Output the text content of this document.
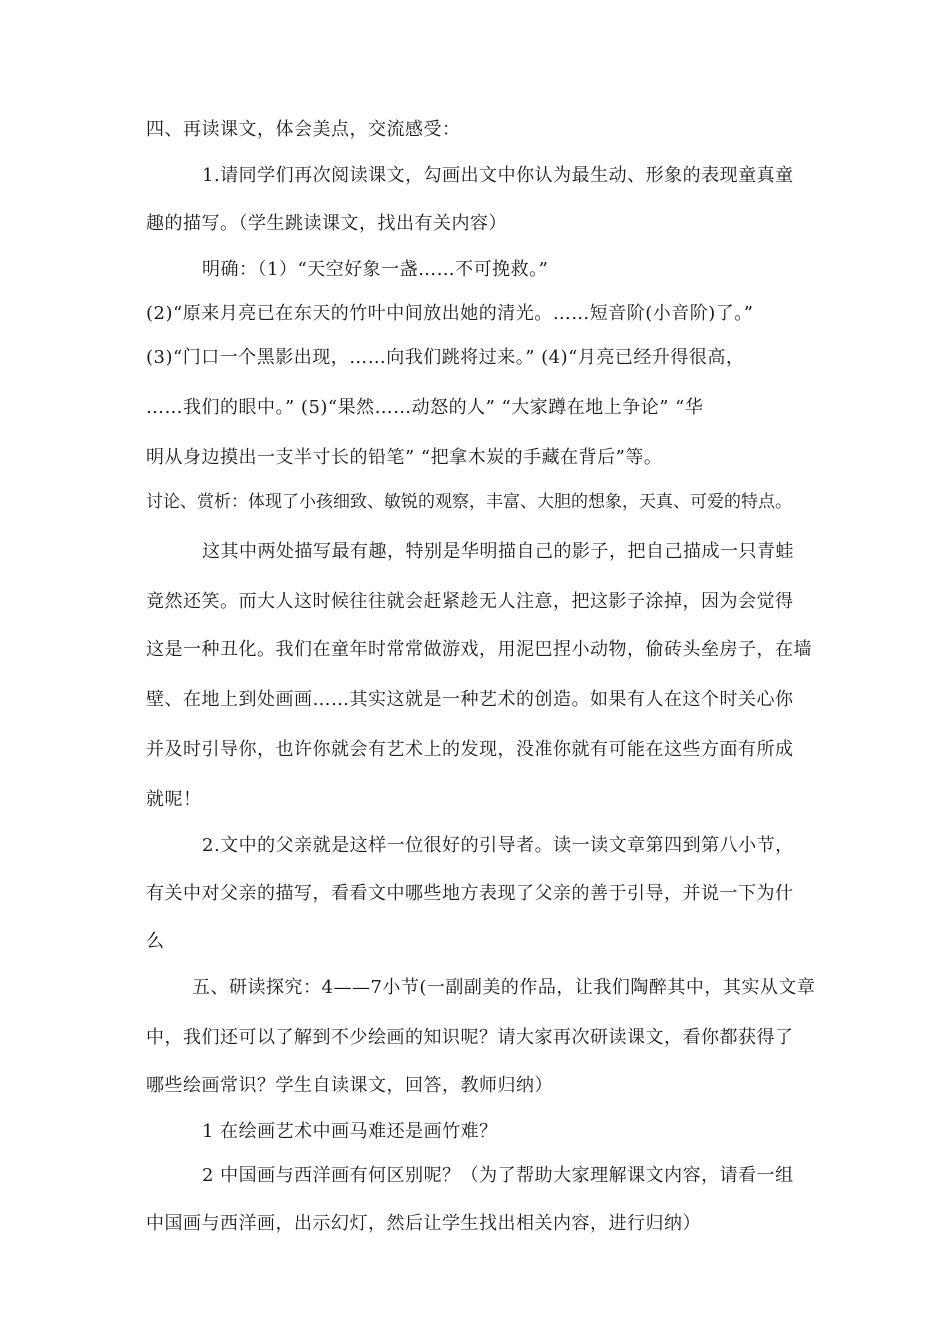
四、再读课文，体会美点，交流感受：
1.请同学们再次阅读课文，勾画出文中你认为最生动、形象的表现童真童
趣的描写。（学生跳读课文，找出有关内容）
明确：（1）“天空好象一盏……不可挽救。”
(2)“原来月亮已在东天的竹叶中间放出她的清光。……短音阶(小音阶)了。”
(3)“门口一个黑影出现，……向我们跳将过来。” (4)“月亮已经升得很高，
……我们的眼中。” (5)“果然……动怒的人” “大家蹲在地上争论” “华
明从身边摸出一支半寸长的铅笔” “把拿木炭的手藏在背后”等。
讨论、赏析：体现了小孩细致、敏锐的观察，丰富、大胆的想象，天真、可爱的特点。
这其中两处描写最有趣，特别是华明描自己的影子，把自己描成一只青蛙
竟然还笑。而大人这时候往往就会赶紧趁无人注意，把这影子涂掉，因为会觉得
这是一种丑化。我们在童年时常常做游戏，用泥巴捏小动物，偷砖头垒房子，在墙
壁、在地上到处画画……其实这就是一种艺术的创造。如果有人在这个时关心你
并及时引导你，也许你就会有艺术上的发现，没准你就有可能在这些方面有所成
就呢！
2.文中的父亲就是这样一位很好的引导者。读一读文章第四到第八小节，
有关中对父亲的描写，看看文中哪些地方表现了父亲的善于引导，并说一下为什
么
五、研读探究：4——7小节(一副副美的作品，让我们陶醉其中，其实从文章
中，我们还可以了解到不少绘画的知识呢？请大家再次研读课文，看你都获得了
哪些绘画常识？学生自读课文，回答，教师归纳）
1 在绘画艺术中画马难还是画竹难？
2 中国画与西洋画有何区别呢？（为了帮助大家理解课文内容，请看一组
中国画与西洋画，出示幻灯，然后让学生找出相关内容，进行归纳）
